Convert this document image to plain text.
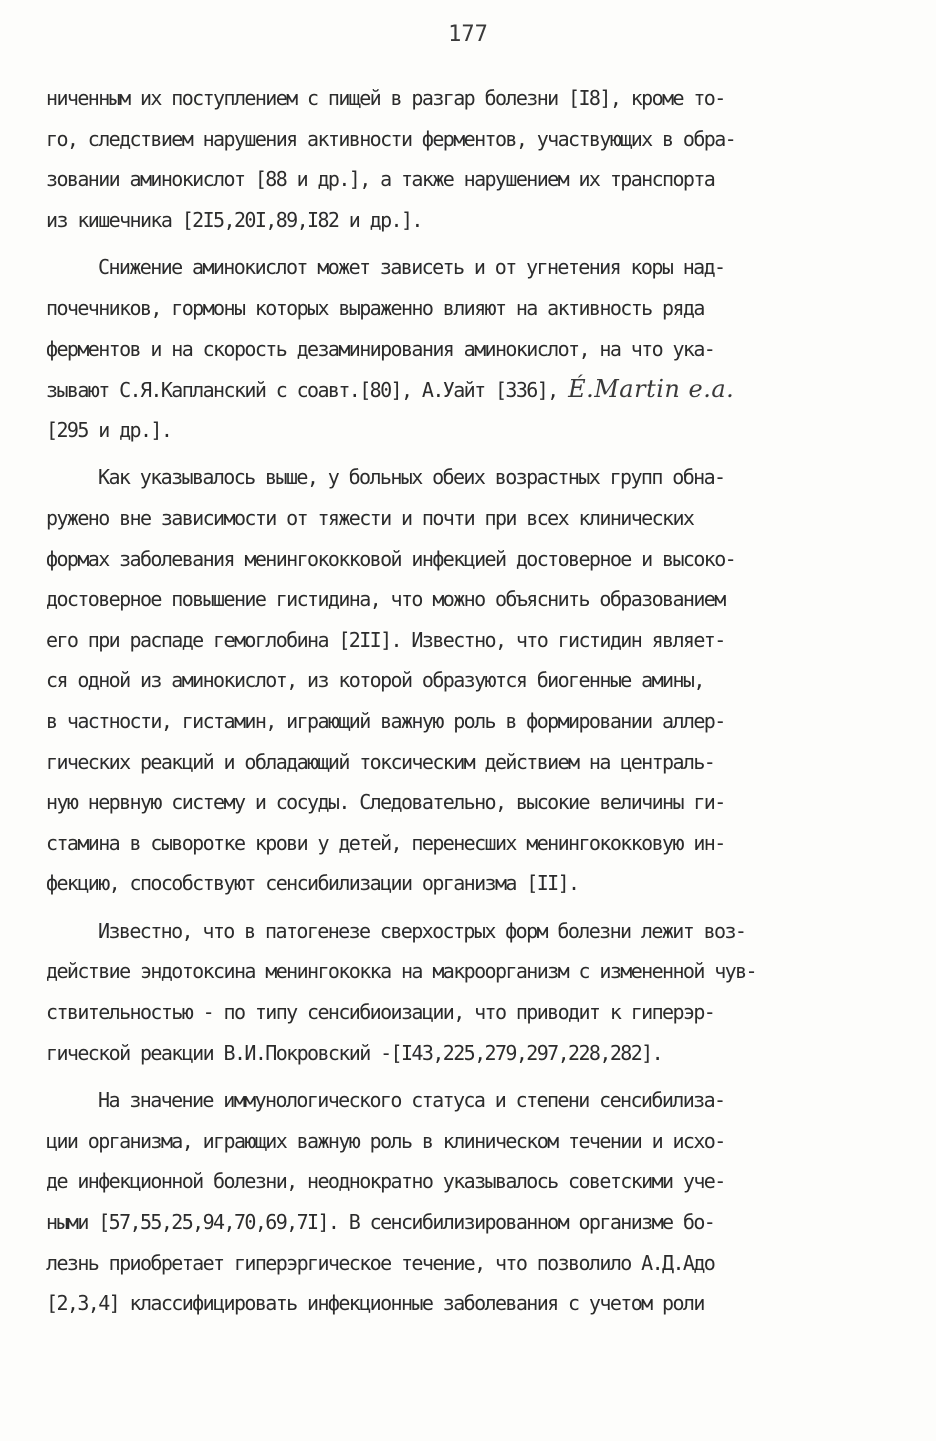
177
ниченным их поступлением с пищей в разгар болезни [I8], кроме то-
го, следствием нарушения активности ферментов, участвующих в обра-
зовании аминокислот [88 и др.], а также нарушением их транспорта
из кишечника [2I5,20I,89,I82 и др.].
Снижение аминокислот может зависеть и от угнетения коры над-
почечников, гормоны которых выраженно влияют на активность ряда
ферментов и на скорость дезаминирования аминокислот, на что ука-
зывают С.Я.Капланский с соавт.[80], А.Уайт [336], É.Martin e.a.
[295 и др.].
Как указывалось выше, у больных обеих возрастных групп обна-
ружено вне зависимости от тяжести и почти при всех клинических
формах заболевания менингококковой инфекцией достоверное и высоко-
достоверное повышение гистидина, что можно объяснить образованием
его при распаде гемоглобина [2II]. Известно, что гистидин являет-
ся одной из аминокислот, из которой образуются биогенные амины,
в частности, гистамин, играющий важную роль в формировании аллер-
гических реакций и обладающий токсическим действием на централь-
ную нервную систему и сосуды. Следовательно, высокие величины ги-
стамина в сыворотке крови у детей, перенесших менингококковую ин-
фекцию, способствуют сенсибилизации организма [II].
Известно, что в патогенезе сверхострых форм болезни лежит воз-
действие эндотоксина менингококка на макроорганизм с измененной чув-
ствительностью - по типу сенсибиоизации, что приводит к гиперэр-
гической реакции В.И.Покровский -[I43,225,279,297,228,282].
На значение иммунологического статуса и степени сенсибилиза-
ции организма, играющих важную роль в клиническом течении и исхо-
де инфекционной болезни, неоднократно указывалось советскими уче-
ными [57,55,25,94,70,69,7I]. В сенсибилизированном организме бо-
лезнь приобретает гиперэргическое течение, что позволило А.Д.Адо
[2,3,4] классифицировать инфекционные заболевания с учетом роли
